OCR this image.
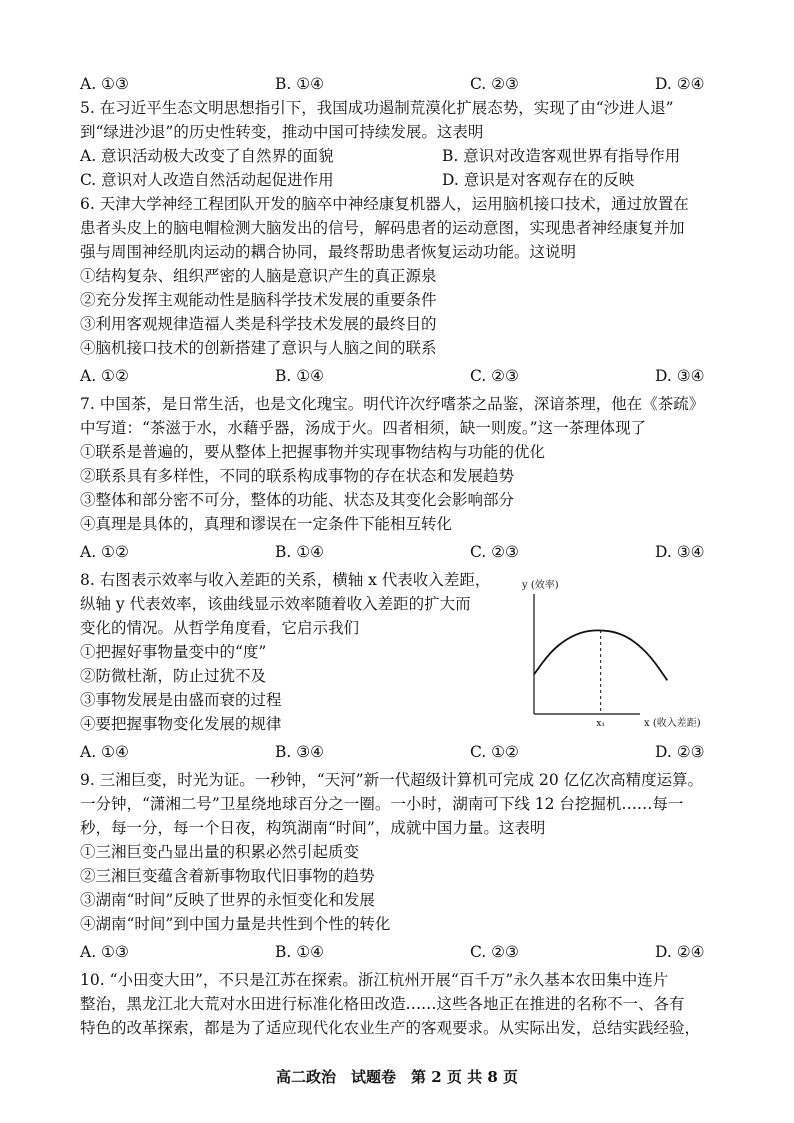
A. ①③	B. ①④	C. ②③	D. ②④
5. 在习近平生态文明思想指引下，我国成功遏制荒漠化扩展态势，实现了由“沙进人退”
到“绿进沙退”的历史性转变，推动中国可持续发展。这表明
A. 意识活动极大改变了自然界的面貌	B. 意识对改造客观世界有指导作用
C. 意识对人改造自然活动起促进作用	D. 意识是对客观存在的反映
6. 天津大学神经工程团队开发的脑卒中神经康复机器人，运用脑机接口技术，通过放置在
患者头皮上的脑电帽检测大脑发出的信号，解码患者的运动意图，实现患者神经康复并加
强与周围神经肌肉运动的耦合协同，最终帮助患者恢复运动功能。这说明
①结构复杂、组织严密的人脑是意识产生的真正源泉
②充分发挥主观能动性是脑科学技术发展的重要条件
③利用客观规律造福人类是科学技术发展的最终目的
④脑机接口技术的创新搭建了意识与人脑之间的联系
A. ①②	B. ①④	C. ②③	D. ③④
7. 中国茶，是日常生活，也是文化瑰宝。明代许次纾嗜茶之品鉴，深谙茶理，他在《茶疏》
中写道：“茶滋于水，水藉乎器，汤成于火。四者相须，缺一则废。”这一茶理体现了
①联系是普遍的，要从整体上把握事物并实现事物结构与功能的优化
②联系具有多样性，不同的联系构成事物的存在状态和发展趋势
③整体和部分密不可分，整体的功能、状态及其变化会影响部分
④真理是具体的，真理和谬误在一定条件下能相互转化
A. ①②	B. ①④	C. ②③	D. ③④
8. 右图表示效率与收入差距的关系，横轴 x 代表收入差距，
纵轴 y 代表效率，该曲线显示效率随着收入差距的扩大而
变化的情况。从哲学角度看，它启示我们
①把握好事物量变中的“度”
②防微杜渐，防止过犹不及
③事物发展是由盛而衰的过程
④要把握事物变化发展的规律
A. ①④	B. ③④	C. ①②	D. ②③
y (效率)
x₁	x (收入差距)
9. 三湘巨变，时光为证。一秒钟，“天河”新一代超级计算机可完成 20 亿亿次高精度运算。
一分钟，“潇湘二号”卫星绕地球百分之一圈。一小时，湖南可下线 12 台挖掘机……每一
秒，每一分，每一个日夜，构筑湖南“时间”，成就中国力量。这表明
①三湘巨变凸显出量的积累必然引起质变
②三湘巨变蕴含着新事物取代旧事物的趋势
③湖南“时间”反映了世界的永恒变化和发展
④湖南“时间”到中国力量是共性到个性的转化
A. ①③	B. ①④	C. ②③	D. ②④
10. “小田变大田”，不只是江苏在探索。浙江杭州开展“百千万”永久基本农田集中连片
整治，黑龙江北大荒对水田进行标准化格田改造……这些各地正在推进的名称不一、各有
特色的改革探索，都是为了适应现代化农业生产的客观要求。从实际出发，总结实践经验，
高二政治　试题卷　第 2 页 共 8 页
